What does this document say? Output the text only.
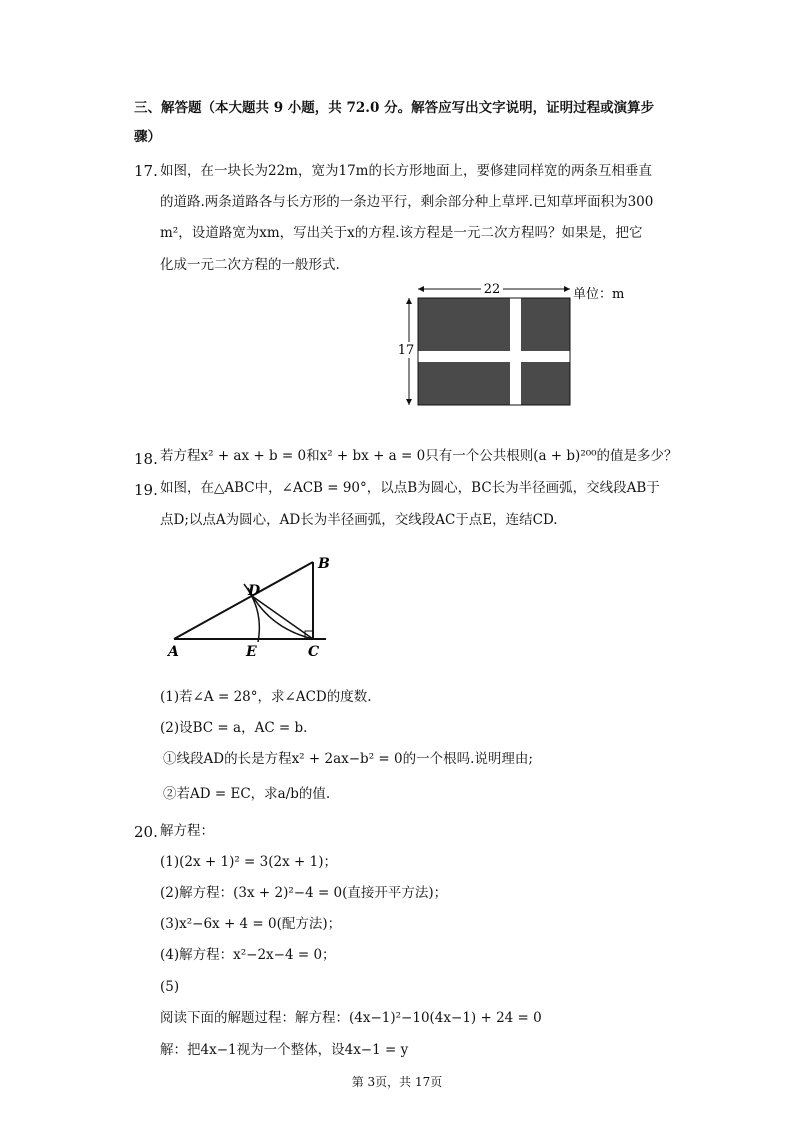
三、解答题（本大题共 9 小题，共 72.0 分。解答应写出文字说明，证明过程或演算步
骤）
17. 如图，在一块长为22m，宽为17m的长方形地面上，要修建同样宽的两条互相垂直
的道路.两条道路各与长方形的一条边平行，剩余部分种上草坪.已知草坪面积为300
m²，设道路宽为xm，写出关于x的方程.该方程是一元二次方程吗？如果是，把它
化成一元二次方程的一般形式.
22	单位：m
17
18. 若方程x² + ax + b = 0和x² + bx + a = 0只有一个公共根则(a + b)²⁰⁰的值是多少？
19. 如图，在△ABC中，∠ACB = 90°，以点B为圆心，BC长为半径画弧，交线段AB于
点D;以点A为圆心，AD长为半径画弧，交线段AC于点E，连结CD.
A
B
C
D
E
(1)若∠A = 28°，求∠ACD的度数.
(2)设BC = a，AC = b.
①线段AD的长是方程x² + 2ax−b² = 0的一个根吗.说明理由;
②若AD = EC，求a/b的值.
20. 解方程：
(1)(2x + 1)² = 3(2x + 1)；
(2)解方程：(3x + 2)²−4 = 0(直接开平方法)；
(3)x²−6x + 4 = 0(配方法)；
(4)解方程：x²−2x−4 = 0；
(5)
阅读下面的解题过程：解方程：(4x−1)²−10(4x−1) + 24 = 0
解：把4x−1视为一个整体，设4x−1 = y
第 3页，共 17页
